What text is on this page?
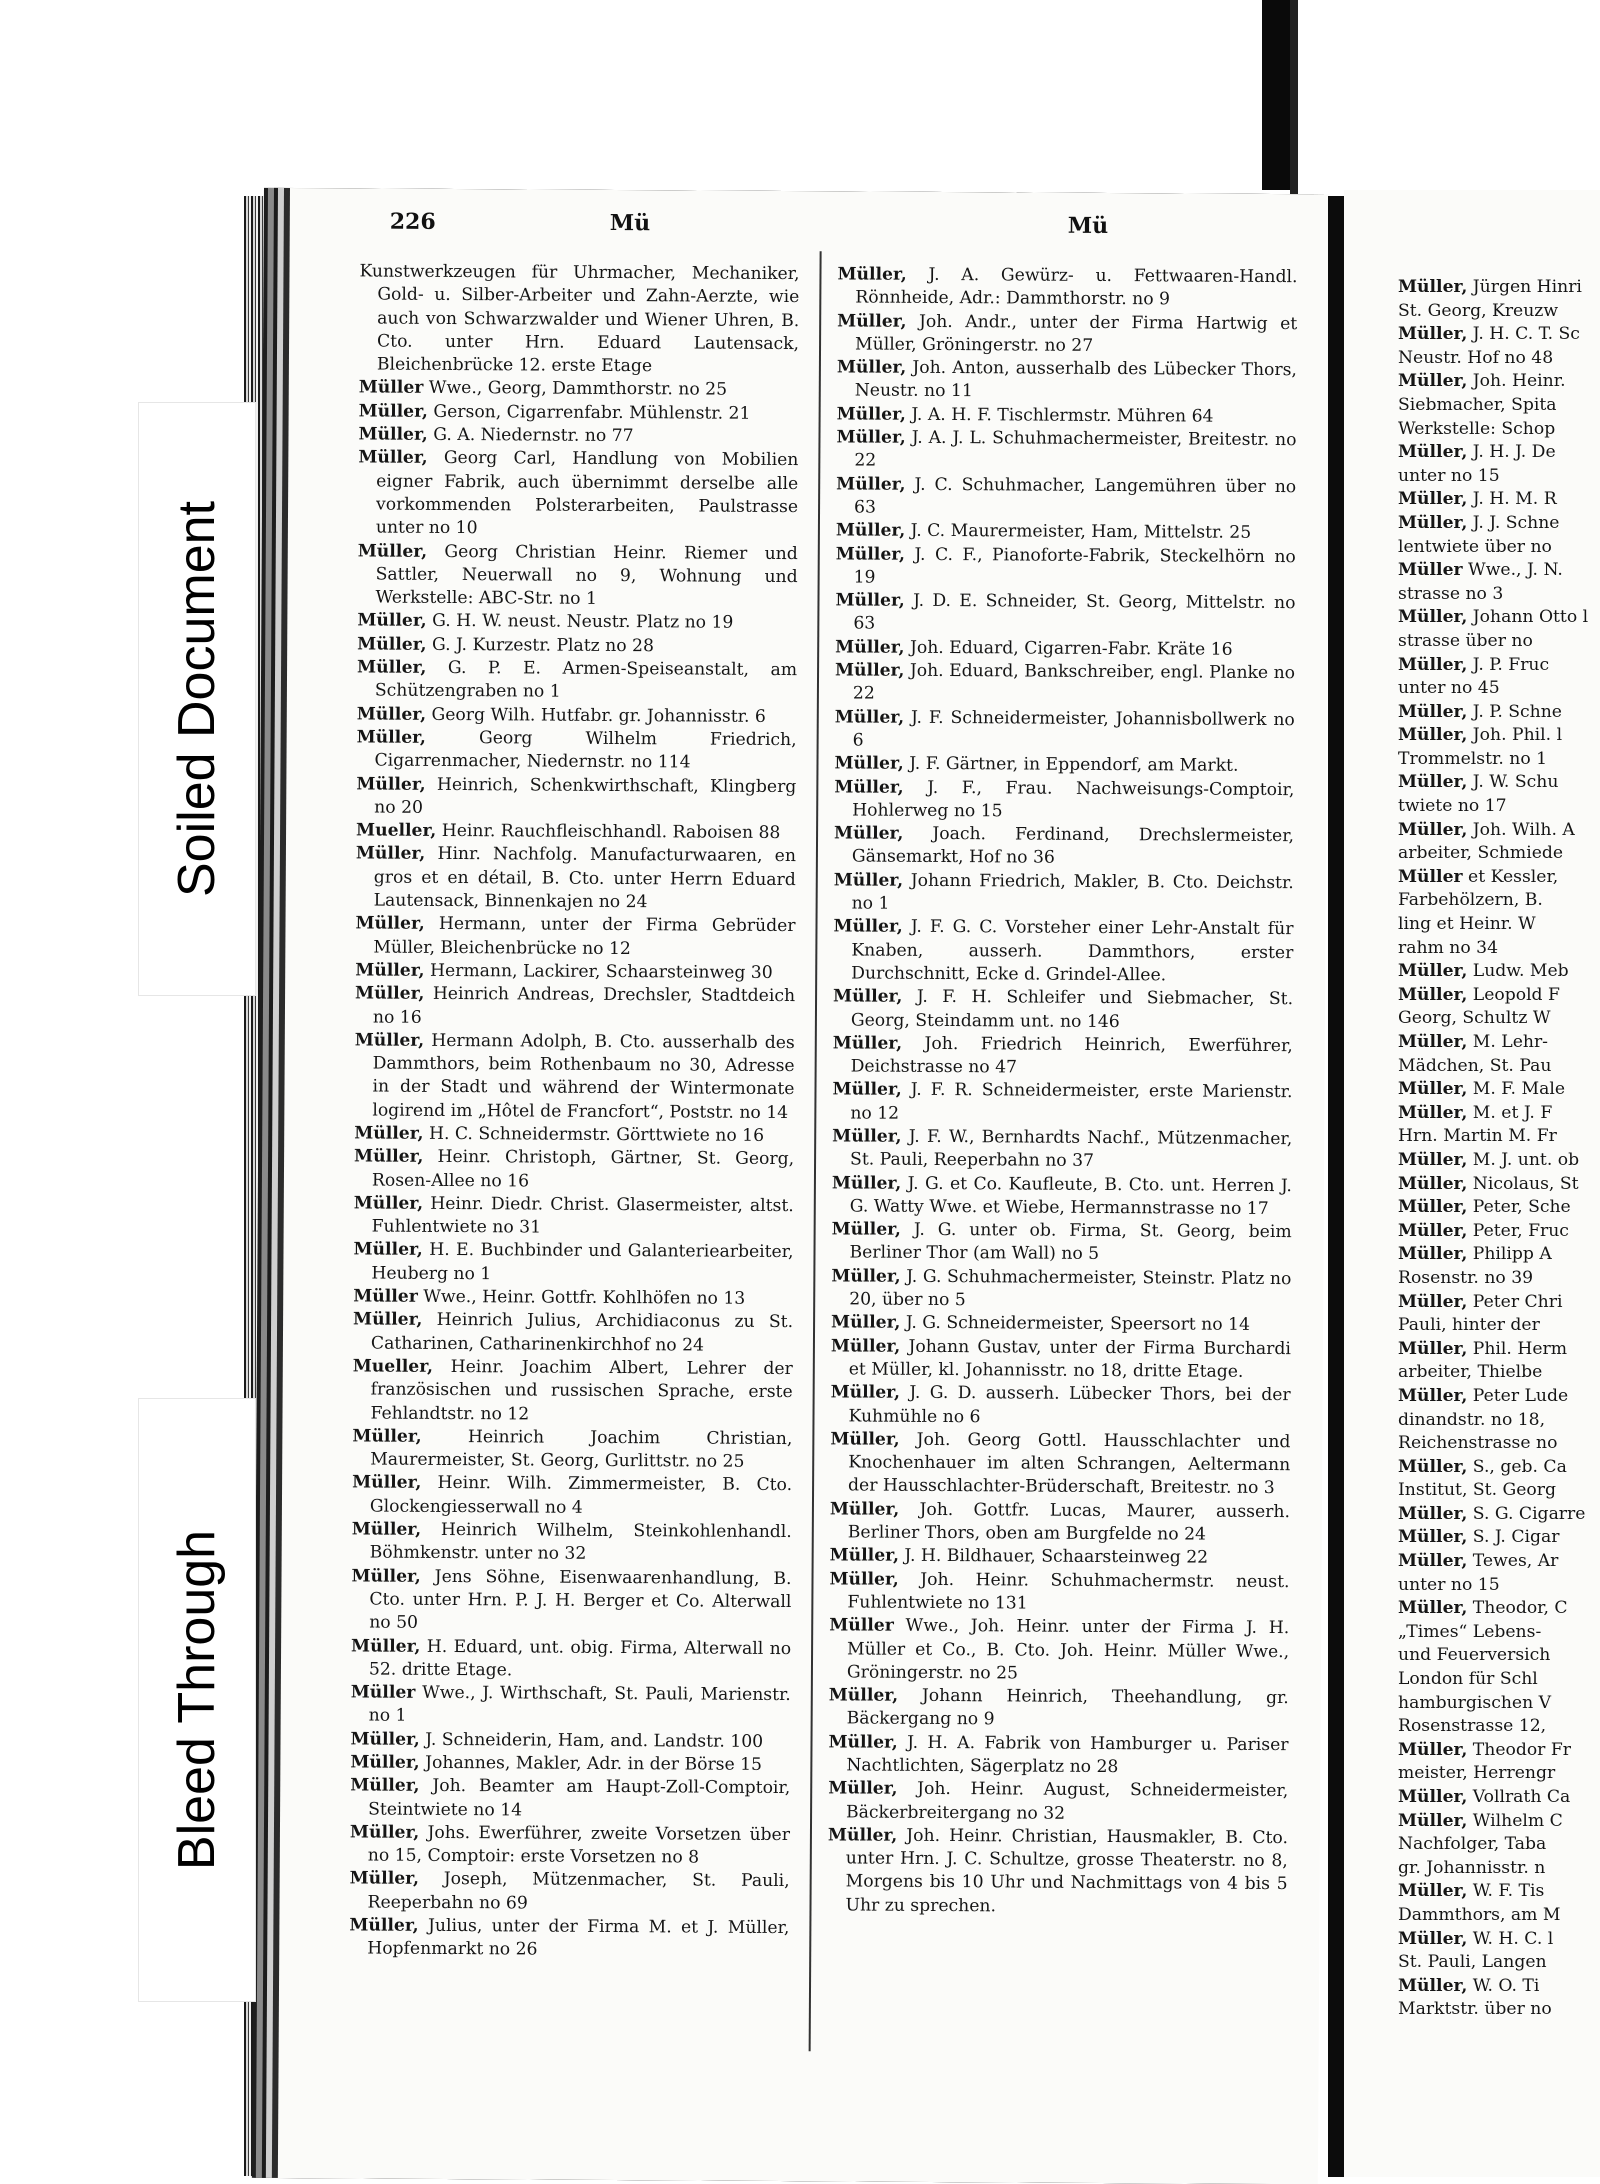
226	Mü	Mü

Kunstwerkzeugen für Uhrmacher, Mechaniker, Gold- u. Silber-Arbeiter und Zahn-Aerzte, wie auch von Schwarzwalder und Wiener Uhren, B. Cto. unter Hrn. Eduard Lautensack, Bleichenbrücke 12. erste Etage

Müller Wwe., Georg, Dammthorstr. no 25

Müller, Gerson, Cigarrenfabr. Mühlenstr. 21

Müller, G. A. Niedernstr. no 77

Müller, Georg Carl, Handlung von Mobilien eigner Fabrik, auch übernimmt derselbe alle vorkommenden Polsterarbeiten, Paulstrasse unter no 10

Müller, Georg Christian Heinr. Riemer und Sattler, Neuerwall no 9, Wohnung und Werkstelle: ABC-Str. no 1

Müller, G. H. W. neust. Neustr. Platz no 19

Müller, G. J. Kurzestr. Platz no 28

Müller, G. P. E. Armen-Speiseanstalt, am Schützengraben no 1

Müller, Georg Wilh. Hutfabr. gr. Johannisstr. 6

Müller,	Georg Wilhelm Friedrich, Cigarrenmacher, Niedernstr. no 114

Müller, Heinrich, Schenkwirthschaft, Klingberg no 20

Mueller, Heinr. Rauchfleischhandl. Raboisen 88

Müller, Hinr. Nachfolg. Manufacturwaaren, en gros et en détail, B. Cto. unter Herrn Eduard Lautensack, Binnenkajen no 24

Müller, Hermann, unter der Firma Gebrüder Müller, Bleichenbrücke no 12

Müller, Hermann, Lackirer, Schaarsteinweg 30

Müller, Heinrich Andreas, Drechsler, Stadtdeich no 16

Müller, Hermann Adolph, B. Cto. ausserhalb des Dammthors, beim Rothenbaum no 30, Adresse in der Stadt und während der Wintermonate logirend im „Hôtel de Francfort“, Poststr. no 14

Müller, H. C. Schneidermstr. Görttwiete no 16

Müller, Heinr. Christoph, Gärtner, St. Georg, Rosen-Allee no 16

Müller, Heinr. Diedr. Christ. Glasermeister, altst. Fuhlentwiete no 31

Müller, H. E. Buchbinder und Galanteriearbeiter, Heuberg no 1

Müller Wwe., Heinr. Gottfr. Kohlhöfen no 13

Müller, Heinrich Julius, Archidiaconus zu St. Catharinen, Catharinenkirchhof no 24

Mueller, Heinr. Joachim Albert, Lehrer der französischen und russischen Sprache, erste Fehlandtstr. no 12

Müller,	Heinrich Joachim Christian, Maurermeister, St. Georg, Gurlittstr. no 25

Müller, Heinr. Wilh. Zimmermeister, B. Cto. Glockengiesserwall no 4

Müller, Heinrich Wilhelm, Steinkohlenhandl. Böhmkenstr. unter no 32

Müller, Jens Söhne, Eisenwaarenhandlung, B. Cto. unter Hrn. P. J. H. Berger et Co. Alterwall no 50

Müller, H. Eduard, unt. obig. Firma, Alterwall no 52. dritte Etage.

Müller Wwe., J. Wirthschaft, St. Pauli, Marienstr. no 1

Müller, J. Schneiderin, Ham, and. Landstr. 100

Müller, Johannes, Makler, Adr. in der Börse 15

Müller, Joh. Beamter am Haupt-Zoll-Comptoir, Steintwiete no 14

Müller, Johs. Ewerführer, zweite Vorsetzen über no 15, Comptoir: erste Vorsetzen no 8

Müller, Joseph, Mützenmacher, St. Pauli, Reeperbahn no 69

Müller, Julius, unter der Firma M. et J. Müller, Hopfenmarkt no 26

Müller, J. A. Gewürz- u. Fettwaaren-Handl. Rönnheide, Adr.: Dammthorstr. no 9

Müller, Joh. Andr., unter der Firma Hartwig et Müller, Gröningerstr. no 27

Müller, Joh. Anton, ausserhalb des Lübecker Thors, Neustr. no 11

Müller, J. A. H. F. Tischlermstr. Mühren 64

Müller, J. A. J. L. Schuhmachermeister, Breitestr. no 22

Müller, J. C. Schuhmacher, Langemühren über no 63

Müller, J. C. Maurermeister, Ham, Mittelstr. 25

Müller, J. C. F., Pianoforte-Fabrik, Steckelhörn no 19

Müller, J. D. E. Schneider, St. Georg, Mittelstr. no 63

Müller, Joh. Eduard, Cigarren-Fabr. Kräte 16

Müller, Joh. Eduard, Bankschreiber, engl. Planke no 22

Müller, J. F. Schneidermeister, Johannisbollwerk no 6

Müller, J. F. Gärtner, in Eppendorf, am Markt.

Müller, J. F., Frau. Nachweisungs-Comptoir, Hohlerweg no 15

Müller, Joach. Ferdinand, Drechslermeister, Gänsemarkt, Hof no 36

Müller, Johann Friedrich, Makler, B. Cto. Deichstr. no 1

Müller, J. F. G. C. Vorsteher einer Lehr-Anstalt für Knaben, ausserh. Dammthors, erster Durchschnitt, Ecke d. Grindel-Allee.

Müller, J. F. H. Schleifer und Siebmacher, St. Georg, Steindamm unt. no 146

Müller, Joh. Friedrich Heinrich, Ewerführer, Deichstrasse no 47

Müller, J. F. R. Schneidermeister, erste Marienstr. no 12

Müller, J. F. W., Bernhardts Nachf., Mützenmacher, St. Pauli, Reeperbahn no 37

Müller, J. G. et Co. Kaufleute, B. Cto. unt. Herren J. G. Watty Wwe. et Wiebe, Hermannstrasse no 17

Müller, J. G. unter ob. Firma, St. Georg, beim Berliner Thor (am Wall) no 5

Müller, J. G. Schuhmachermeister, Steinstr. Platz no 20, über no 5

Müller, J. G. Schneidermeister, Speersort no 14

Müller, Johann Gustav, unter der Firma Burchardi et Müller, kl. Johannisstr. no 18, dritte Etage.

Müller, J. G. D. ausserh. Lübecker Thors, bei der Kuhmühle no 6

Müller, Joh. Georg Gottl. Hausschlachter und Knochenhauer im alten Schrangen, Aeltermann der Hausschlachter-Brüderschaft, Breitestr. no 3

Müller, Joh. Gottfr. Lucas, Maurer, ausserh. Berliner Thors, oben am Burgfelde no 24

Müller, J. H. Bildhauer, Schaarsteinweg 22

Müller, Joh. Heinr. Schuhmachermstr. neust. Fuhlentwiete no 131

Müller Wwe., Joh. Heinr. unter der Firma J. H. Müller et Co., B. Cto. Joh. Heinr. Müller Wwe., Gröningerstr. no 25

Müller, Johann Heinrich, Theehandlung, gr. Bäckergang no 9

Müller, J. H. A. Fabrik von Hamburger u. Pariser Nachtlichten, Sägerplatz no 28

Müller, Joh. Heinr. August, Schneidermeister, Bäckerbreitergang no 32

Müller, Joh. Heinr. Christian, Hausmakler, B. Cto. unter Hrn. J. C. Schultze, grosse Theaterstr. no 8, Morgens bis 10 Uhr und Nachmittags von 4 bis 5 Uhr zu sprechen.

Müller, Jürgen Hinri

St. Georg, Kreuzw

Müller, J. H. C. T. Sc

Neustr. Hof no 48

Müller, Joh. Heinr.

Siebmacher, Spita

Werkstelle: Schop

Müller, J. H. J. De

unter no 15

Müller, J. H. M. R

Müller, J. J. Schne

lentwiete über no

Müller Wwe., J. N.

strasse no 3

Müller, Johann Otto l

strasse über no

Müller, J. P. Fruc

unter no 45

Müller, J. P. Schne

Müller, Joh. Phil. l

Trommelstr. no 1

Müller, J. W. Schu

twiete no 17

Müller, Joh. Wilh. A

arbeiter, Schmiede

Müller et Kessler,

Farbehölzern, B.

ling et Heinr. W

rahm no 34

Müller, Ludw. Meb

Müller, Leopold F

Georg, Schultz W

Müller, M. Lehr-

Mädchen, St. Pau

Müller, M. F. Male

Müller, M. et J. F

Hrn. Martin M. Fr

Müller, M. J. unt. ob

Müller, Nicolaus, St

Müller, Peter, Sche

Müller, Peter, Fruc

Müller, Philipp A

Rosenstr. no 39

Müller, Peter Chri

Pauli, hinter der

Müller, Phil. Herm

arbeiter, Thielbe

Müller, Peter Lude

dinandstr. no 18,

Reichenstrasse no

Müller, S., geb. Ca

Institut, St. Georg

Müller, S. G. Cigarre

Müller, S. J. Cigar

Müller, Tewes, Ar

unter no 15

Müller, Theodor, C

„Times“ Lebens-

und Feuerversich

London für Schl

hamburgischen V

Rosenstrasse 12,

Müller, Theodor Fr

meister, Herrengr

Müller, Vollrath Ca

Müller, Wilhelm C

Nachfolger, Taba

gr. Johannisstr. n

Müller, W. F. Tis

Dammthors, am M

Müller, W. H. C. l

St. Pauli, Langen

Müller, W. O. Ti

Marktstr. über no

Soiled Document
Bleed Through
